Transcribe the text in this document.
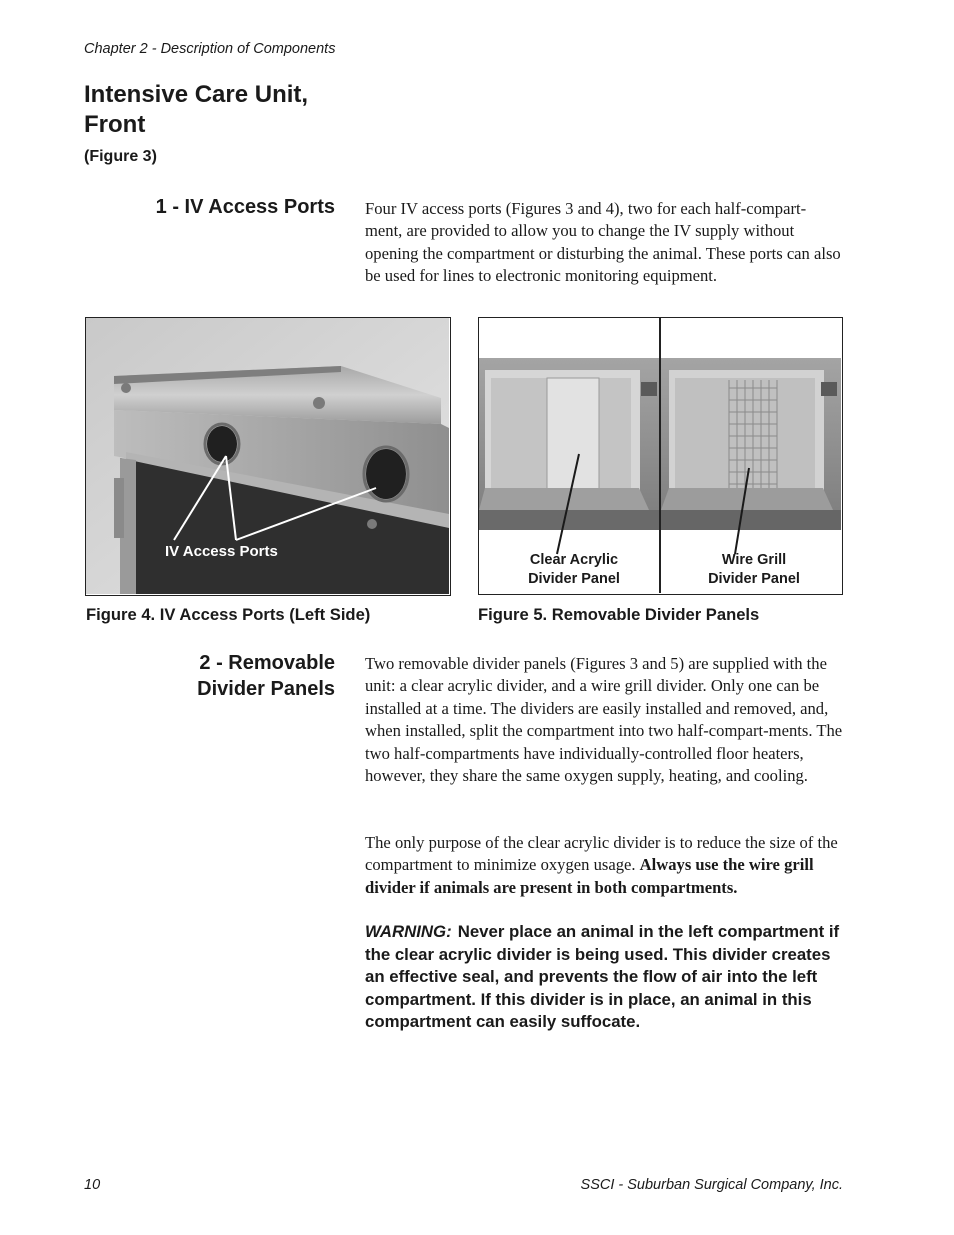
Chapter 2 - Description of Components
Intensive Care Unit,
Front
(Figure 3)
1 - IV Access Ports Four IV access ports (Figures 3 and 4), two for each half-compart-ment, are provided to allow you to change the IV supply without opening the compartment or disturbing the animal. These ports can also be used for lines to electronic monitoring equipment.
IV Access Ports
Figure 4. IV Access Ports (Left Side)
Clear Acrylic
Divider Panel
Wire Grill
Divider Panel
Figure 5. Removable Divider Panels
2 - Removable
Divider Panels
Two removable divider panels (Figures 3 and 5) are supplied with the unit: a clear acrylic divider, and a wire grill divider. Only one can be installed at a time. The dividers are easily installed and removed, and, when installed, split the compartment into two half-compart-ments. The two half-compartments have individually-controlled floor heaters, however, they share the same oxygen supply, heating, and cooling.
The only purpose of the clear acrylic divider is to reduce the size of the compartment to minimize oxygen usage. Always use the wire grill divider if animals are present in both compartments.
WARNING: Never place an animal in the left compartment if the clear acrylic divider is being used. This divider creates an effective seal, and prevents the flow of air into the left compartment. If this divider is in place, an animal in this compartment can easily suffocate.
10	SSCI - Suburban Surgical Company, Inc.
